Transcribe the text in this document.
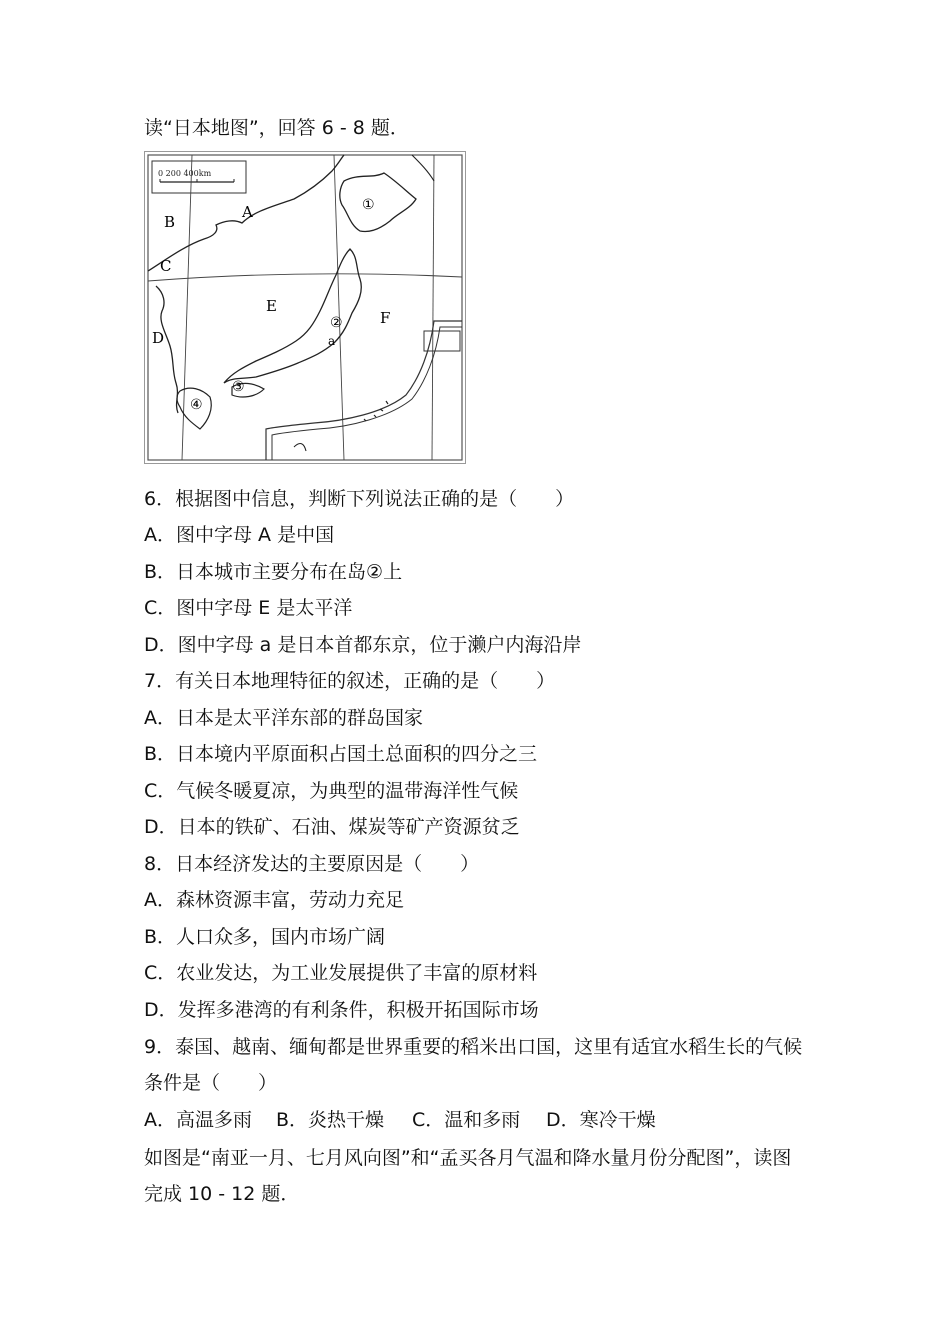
读“日本地图”，回答 6 - 8 题．
0 200 400km
A
B
C
D
E
F
a
①
②
③
④
6．根据图中信息，判断下列说法正确的是（　　）
A．图中字母 A 是中国
B．日本城市主要分布在岛②上
C．图中字母 E 是太平洋
D．图中字母 a 是日本首都东京，位于濑户内海沿岸
7．有关日本地理特征的叙述，正确的是（　　）
A．日本是太平洋东部的群岛国家
B．日本境内平原面积占国土总面积的四分之三
C．气候冬暖夏凉，为典型的温带海洋性气候
D．日本的铁矿、石油、煤炭等矿产资源贫乏
8．日本经济发达的主要原因是（　　）
A．森林资源丰富，劳动力充足
B．人口众多，国内市场广阔
C．农业发达，为工业发展提供了丰富的原材料
D．发挥多港湾的有利条件，积极开拓国际市场
9．泰国、越南、缅甸都是世界重要的稻米出口国，这里有适宜水稻生长的气候
条件是（　　）
A．高温多雨 B．炎热干燥 C．温和多雨 D．寒冷干燥
如图是“南亚一月、七月风向图”和“孟买各月气温和降水量月份分配图”，读图
完成 10 - 12 题．
